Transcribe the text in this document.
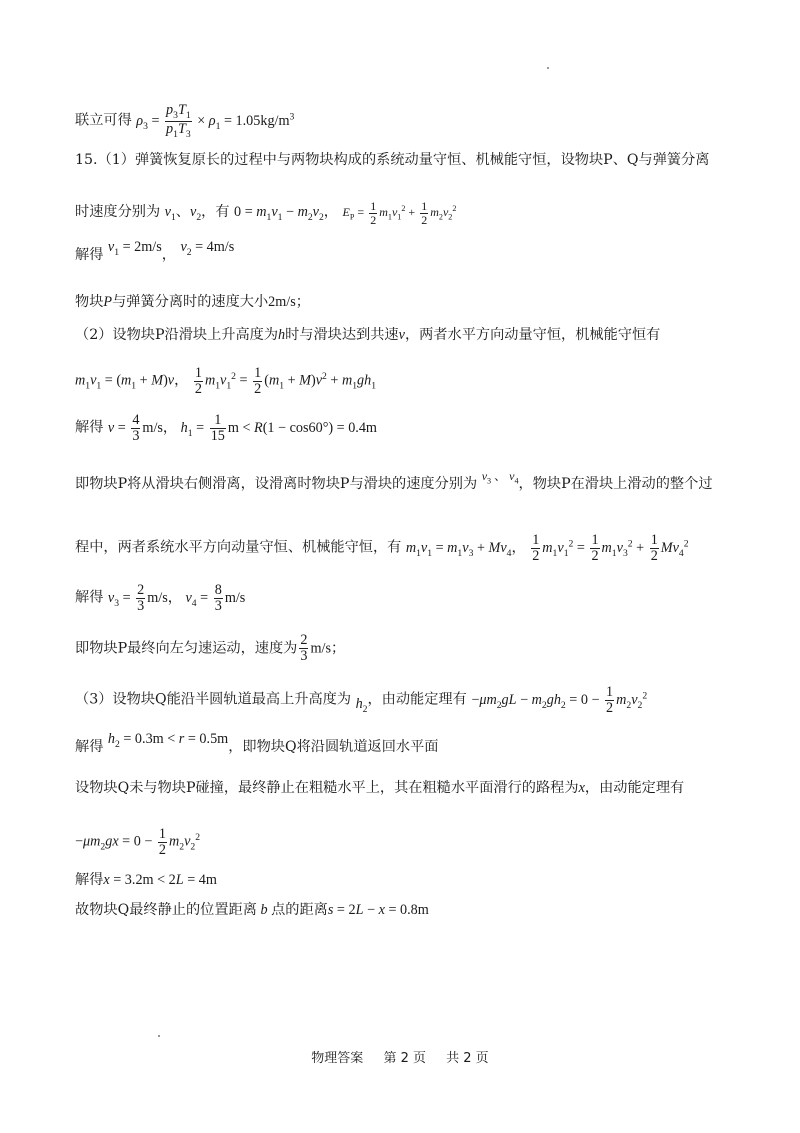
联立可得 $\rho_3 = \frac{p_3T_1}{p_1T_3} \times \rho_1 = 1.05kg/m^3$
15.（1）弹簧恢复原长的过程中与两物块构成的系统动量守恒、机械能守恒，设物块P、Q与弹簧分离
时速度分别为 $v_1$、$v_2$，有 $0 = m_1v_1 - m_2v_2$， $E_P = \frac{1}{2} m_1v_1^2 + \frac{1}{2} m_2v_2^2$
解得 $v_1 = 2m/s$， $v_2 = 4m/s$
物块P与弹簧分离时的速度大小2m/s；
（2）设物块P沿滑块上升高度为h时与滑块达到共速v，两者水平方向动量守恒，机械能守恒有
$m_1v_1 = (m_1 + M)v$， $\frac{1}{2} m_1v_1^2 = \frac{1}{2} (m_1 + M)v^2 + m_1gh_1$
解得 $v = \frac{4}{3} m/s$， $h_1 = \frac{1}{15}$ m < R(1 − cos60°) = 0.4m
即物块P将从滑块右侧滑离，设滑离时物块P与滑块的速度分别为 $^{v_3 、 v_4}$，物块P在滑块上滑动的整个过
程中，两者系统水平方向动量守恒、机械能守恒，有 $m_1v_1 = m_1v_3 + Mv_4$， $\frac{1}{2} m_1v_1^2 = \frac{1}{2} m_1v_3^2 + \frac{1}{2} Mv_4^2$
解得 $v_3 = \frac{2}{3} m/s$， $v_4 = \frac{8}{3} m/s$
即物块P最终向左匀速运动，速度为 $\frac{2}{3} m/s$；
（3）设物块Q能沿半圆轨道最高上升高度为 $h_2$，由动能定理有 $-\mu m_2gL - m_2gh_2 = 0 - \frac{1}{2} m_2v_2^2$
解得 $h_2 = 0.3m < r = 0.5m$，即物块Q将沿圆轨道返回水平面
设物块Q未与物块P碰撞，最终静止在粗糙水平上，其在粗糙水平面滑行的路程为x，由动能定理有
$-\mu m_2gx = 0 - \frac{1}{2} m_2v_2^2$
解得x = 3.2m < 2L = 4m
故物块Q最终静止的位置距离 b 点的距离s = 2L − x = 0.8m
物理答案 第 2 页 共 2 页
